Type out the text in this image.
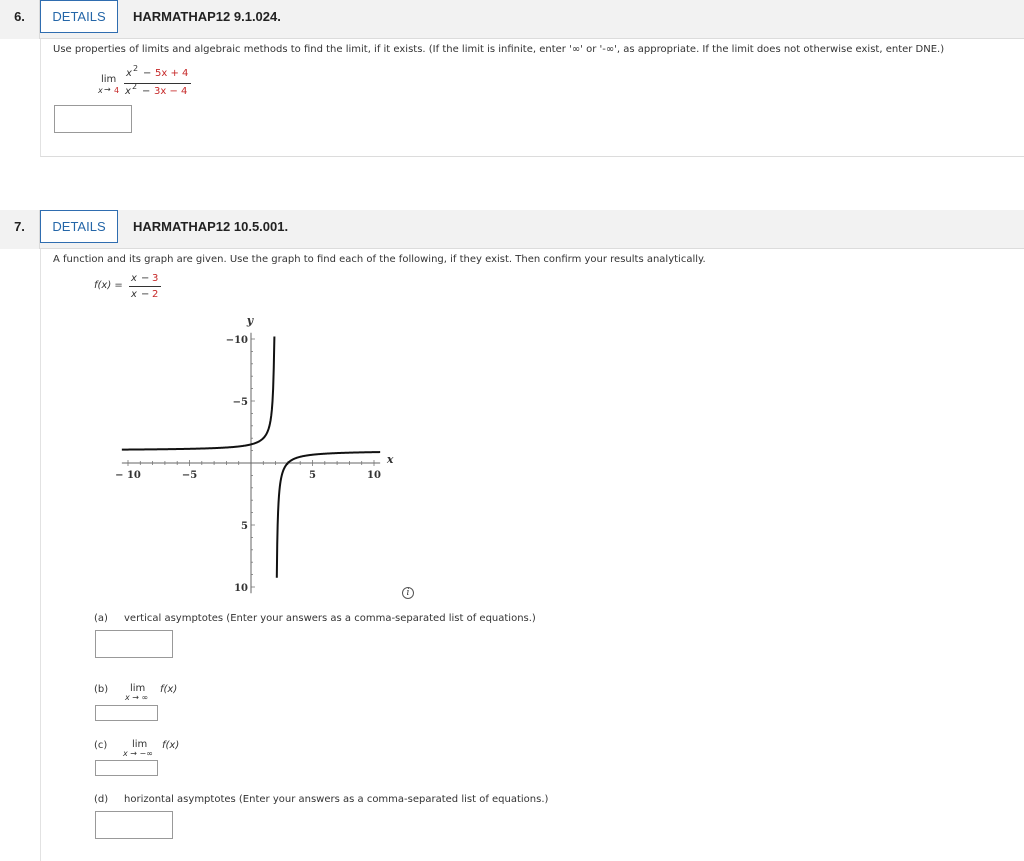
6.	DETAILS	HARMATHAP12 9.1.024.
Use properties of limits and algebraic methods to find the limit, if it exists. (If the limit is infinite, enter '∞' or '-∞', as appropriate. If the limit does not otherwise exist, enter DNE.)
lim
x → 4
x 2 − 5x + 4
x 2 − 3x − 4
7.	DETAILS	HARMATHAP12 10.5.001.
A function and its graph are given. Use the graph to find each of the following, if they exist. Then confirm your results analytically.
f(x) =
x − 3
x − 2
− 10	−5	5	10
10
5
−5
−10
y
x
i
(a) vertical asymptotes (Enter your answers as a comma-separated list of equations.)
(b) lim
x → ∞
f(x)
(c) lim
x → −∞
f(x)
(d) horizontal asymptotes (Enter your answers as a comma-separated list of equations.)
